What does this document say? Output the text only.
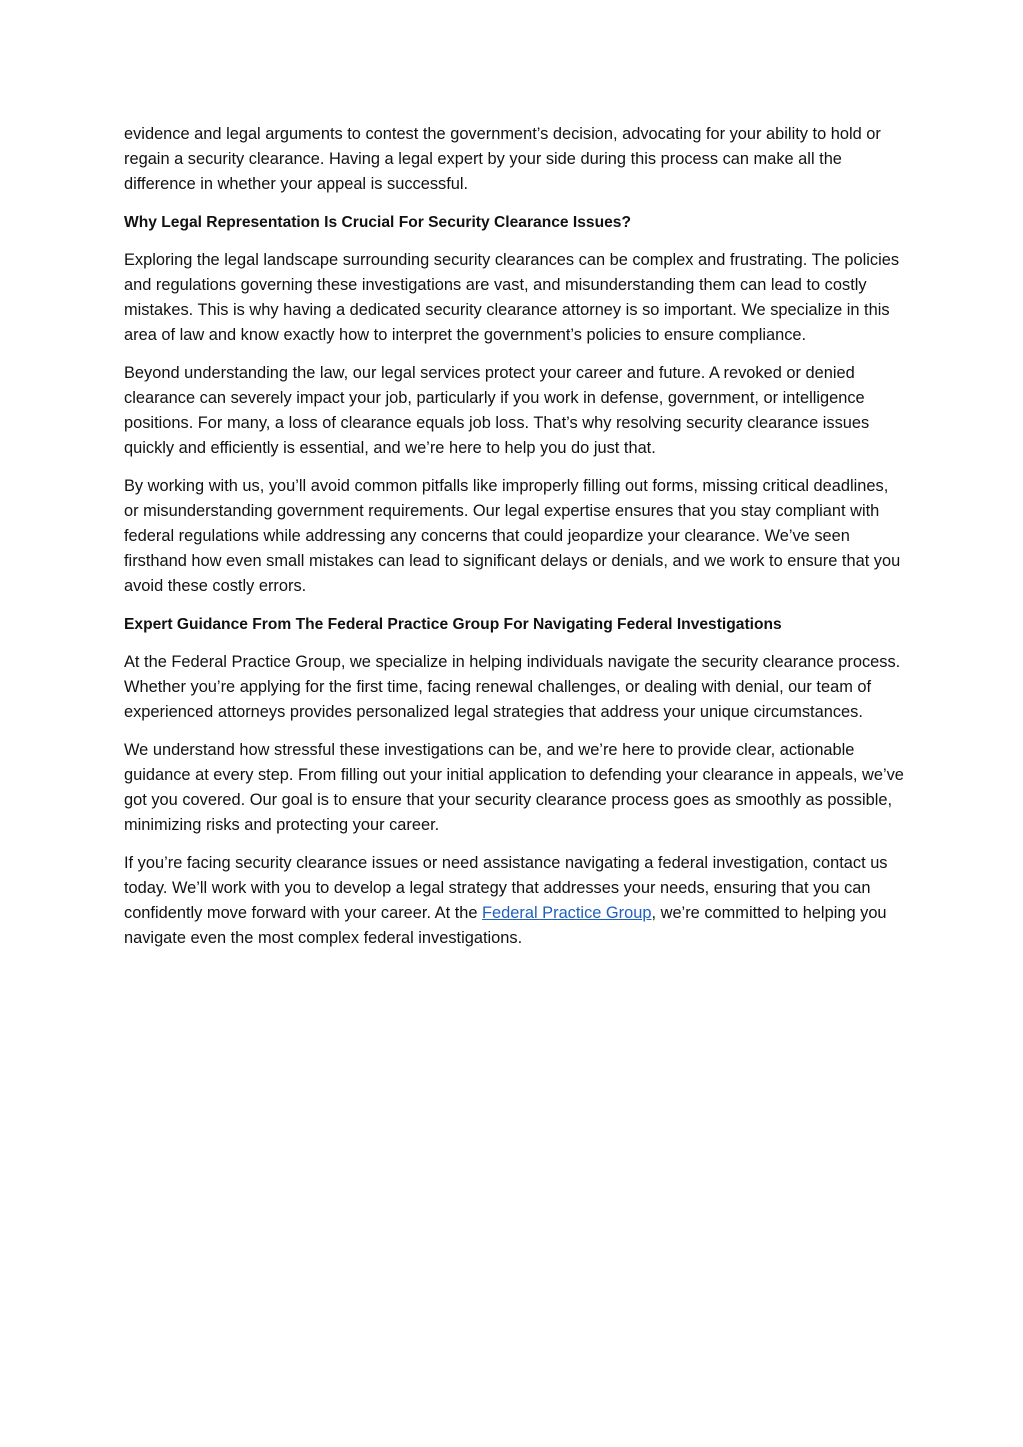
evidence and legal arguments to contest the government’s decision, advocating for your ability to hold or regain a security clearance. Having a legal expert by your side during this process can make all the difference in whether your appeal is successful.

Why Legal Representation Is Crucial For Security Clearance Issues?

Exploring the legal landscape surrounding security clearances can be complex and frustrating. The policies and regulations governing these investigations are vast, and misunderstanding them can lead to costly mistakes. This is why having a dedicated security clearance attorney is so important. We specialize in this area of law and know exactly how to interpret the government’s policies to ensure compliance.

Beyond understanding the law, our legal services protect your career and future. A revoked or denied clearance can severely impact your job, particularly if you work in defense, government, or intelligence positions. For many, a loss of clearance equals job loss. That’s why resolving security clearance issues quickly and efficiently is essential, and we’re here to help you do just that.

By working with us, you’ll avoid common pitfalls like improperly filling out forms, missing critical deadlines, or misunderstanding government requirements. Our legal expertise ensures that you stay compliant with federal regulations while addressing any concerns that could jeopardize your clearance. We’ve seen firsthand how even small mistakes can lead to significant delays or denials, and we work to ensure that you avoid these costly errors.

Expert Guidance From The Federal Practice Group For Navigating Federal Investigations

At the Federal Practice Group, we specialize in helping individuals navigate the security clearance process. Whether you’re applying for the first time, facing renewal challenges, or dealing with denial, our team of experienced attorneys provides personalized legal strategies that address your unique circumstances.

We understand how stressful these investigations can be, and we’re here to provide clear, actionable guidance at every step. From filling out your initial application to defending your clearance in appeals, we’ve got you covered. Our goal is to ensure that your security clearance process goes as smoothly as possible, minimizing risks and protecting your career.

If you’re facing security clearance issues or need assistance navigating a federal investigation, contact us today. We’ll work with you to develop a legal strategy that addresses your needs, ensuring that you can confidently move forward with your career. At the Federal Practice Group, we’re committed to helping you navigate even the most complex federal investigations.
